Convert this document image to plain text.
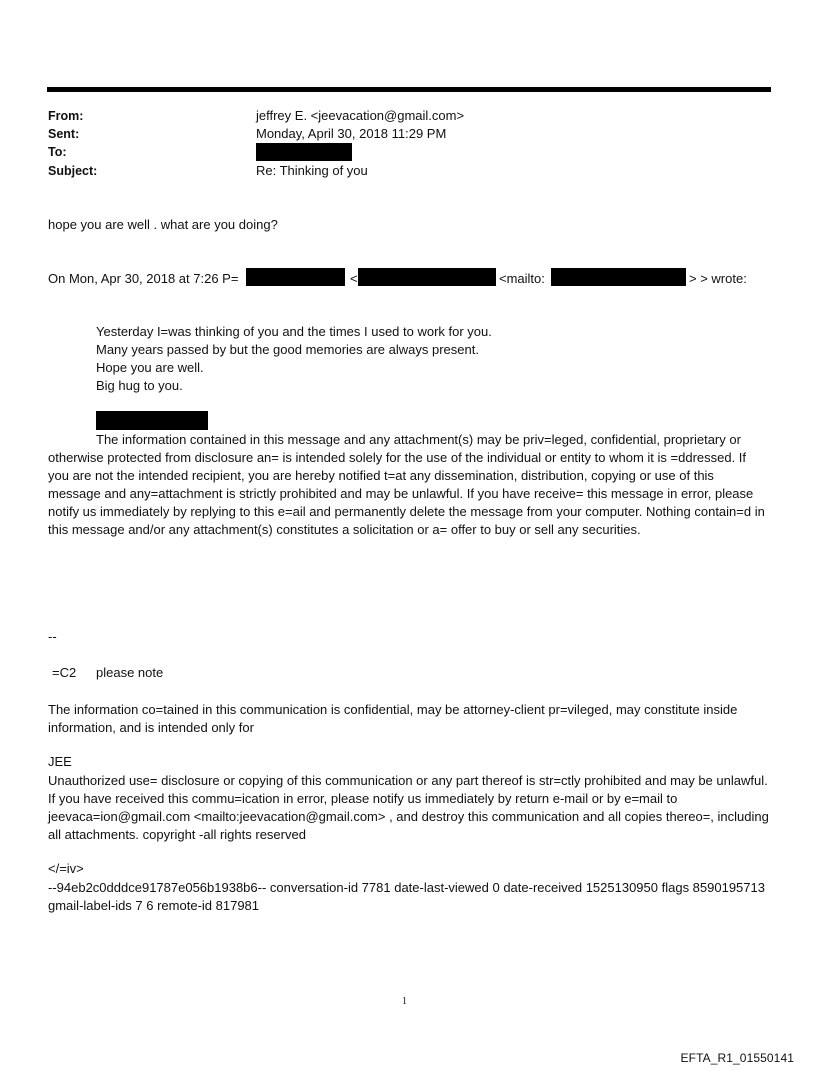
From:	jeffrey E. <jeevacation@gmail.com>
Sent:	Monday, April 30, 2018 11:29 PM
To:
Subject:	Re: Thinking of you
hope you are well . what are you doing?
On Mon, Apr 30, 2018 at 7:26 P=	<	<mailto:	> > wrote:
Yesterday I=was thinking of you and the times I used to work for you.
Many years passed by but the good memories are always present.
Hope you are well.
Big hug to you.
The information contained in this message and any attachment(s) may be priv=leged, confidential, proprietary or otherwise protected from disclosure an= is intended solely for the use of the individual or entity to whom it is =ddressed. If you are not the intended recipient, you are hereby notified t=at any dissemination, distribution, copying or use of this message and any=attachment is strictly prohibited and may be unlawful. If you have receive= this message in error, please notify us immediately by replying to this e=ail and permanently delete the message from your computer. Nothing contain=d in this message and/or any attachment(s) constitutes a solicitation or a= offer to buy or sell any securities.
--
=C2 please note
The information co=tained in this communication is confidential, may be attorney-client pr=vileged, may constitute inside information, and is intended only for
JEE
Unauthorized use= disclosure or copying of this communication or any part thereof is str=ctly prohibited and may be unlawful. If you have received this commu=ication in error, please notify us immediately by return e-mail or by e=mail to jeevaca=ion@gmail.com <mailto:jeevacation@gmail.com> , and destroy this communication and all copies thereo=, including all attachments. copyright -all rights reserved
</=iv>
--94eb2c0dddce91787e056b1938b6-- conversation-id 7781 date-last-viewed 0 date-received 1525130950 flags 8590195713 gmail-label-ids 7 6 remote-id 817981
1
EFTA_R1_01550141
